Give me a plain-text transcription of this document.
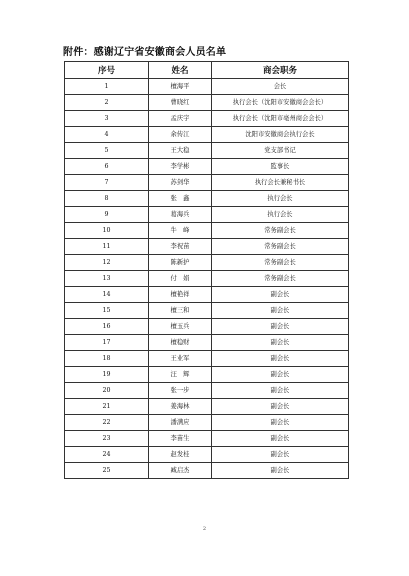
附件：感谢辽宁省安徽商会人员名单
序号	姓名	商会职务
1	檀海平	会长
2	曹晓红	执行会长（沈阳市安徽商会会长）
3	孟庆宇	执行会长（沈阳市亳州商会会长）
4	余传江	沈阳市安徽商会执行会长
5	王大稳	党支部书记
6	李学彬	監事长
7	苏剑华	执行会长兼秘书长
8	张　鑫	执行会长
9	葛海兵	执行会长
10	牛　峰	常务副会长
11	李祝苗	常务副会长
12	陈新护	常务副会长
13	付　娟	常务副会长
14	檀艳祥	副会长
15	檀三和	副会长
16	檀玉兵	副会长
17	檀稳财	副会长
18	王业军	副会长
19	汪　辉	副会长
20	张一步	副会长
21	姜海林	副会长
22	潘满应	副会长
23	李苗生	副会长
24	赵发桂	副会长
25	臧启杰	副会长
2
